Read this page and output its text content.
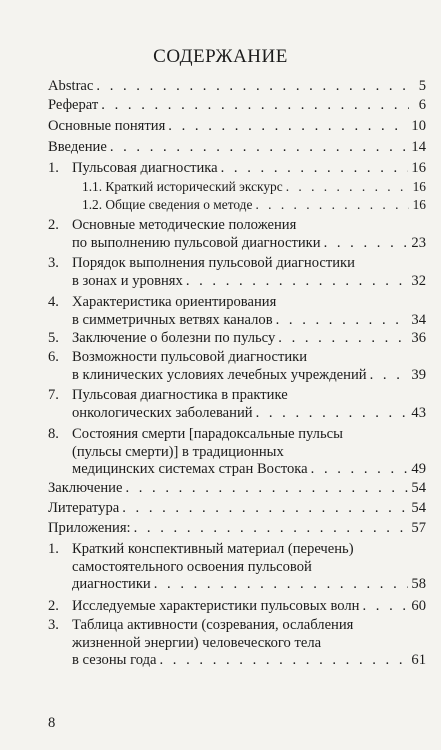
СОДЕРЖАНИЕ
Abstrac . . .	5
Реферат . . .	6
Основные понятия . . .	10
Введение . . .	14
1. Пульсовая диагностика . . .	16
1.1. Краткий исторический экскурс . . .	16
1.2. Общие сведения о методе . . .	16
2. Основные методические положения
по выполнению пульсовой диагностики . . .	23
3. Порядок выполнения пульсовой диагностики
в зонах и уровнях . . .	32
4. Характеристика ориентирования
в симметричных ветвях каналов . . .	34
5. Заключение о болезни по пульсу . . .	36
6. Возможности пульсовой диагностики
в клинических условиях лечебных учреждений . . .	39
7. Пульсовая диагностика в практике
онкологических заболеваний . . .	43
8. Состояния смерти [парадоксальные пульсы
(пульсы смерти)] в традиционных
медицинских системах стран Востока . . .	49
Заключение . . .	54
Литература . . .	54
Приложения: . . .	57
1. Краткий конспективный материал (перечень)
самостоятельного освоения пульсовой
диагностики . . .	58
2. Исследуемые характеристики пульсовых волн . . .	60
3. Таблица активности (созревания, ослабления
жизненной энергии) человеческого тела
в сезоны года . . .	61
8
